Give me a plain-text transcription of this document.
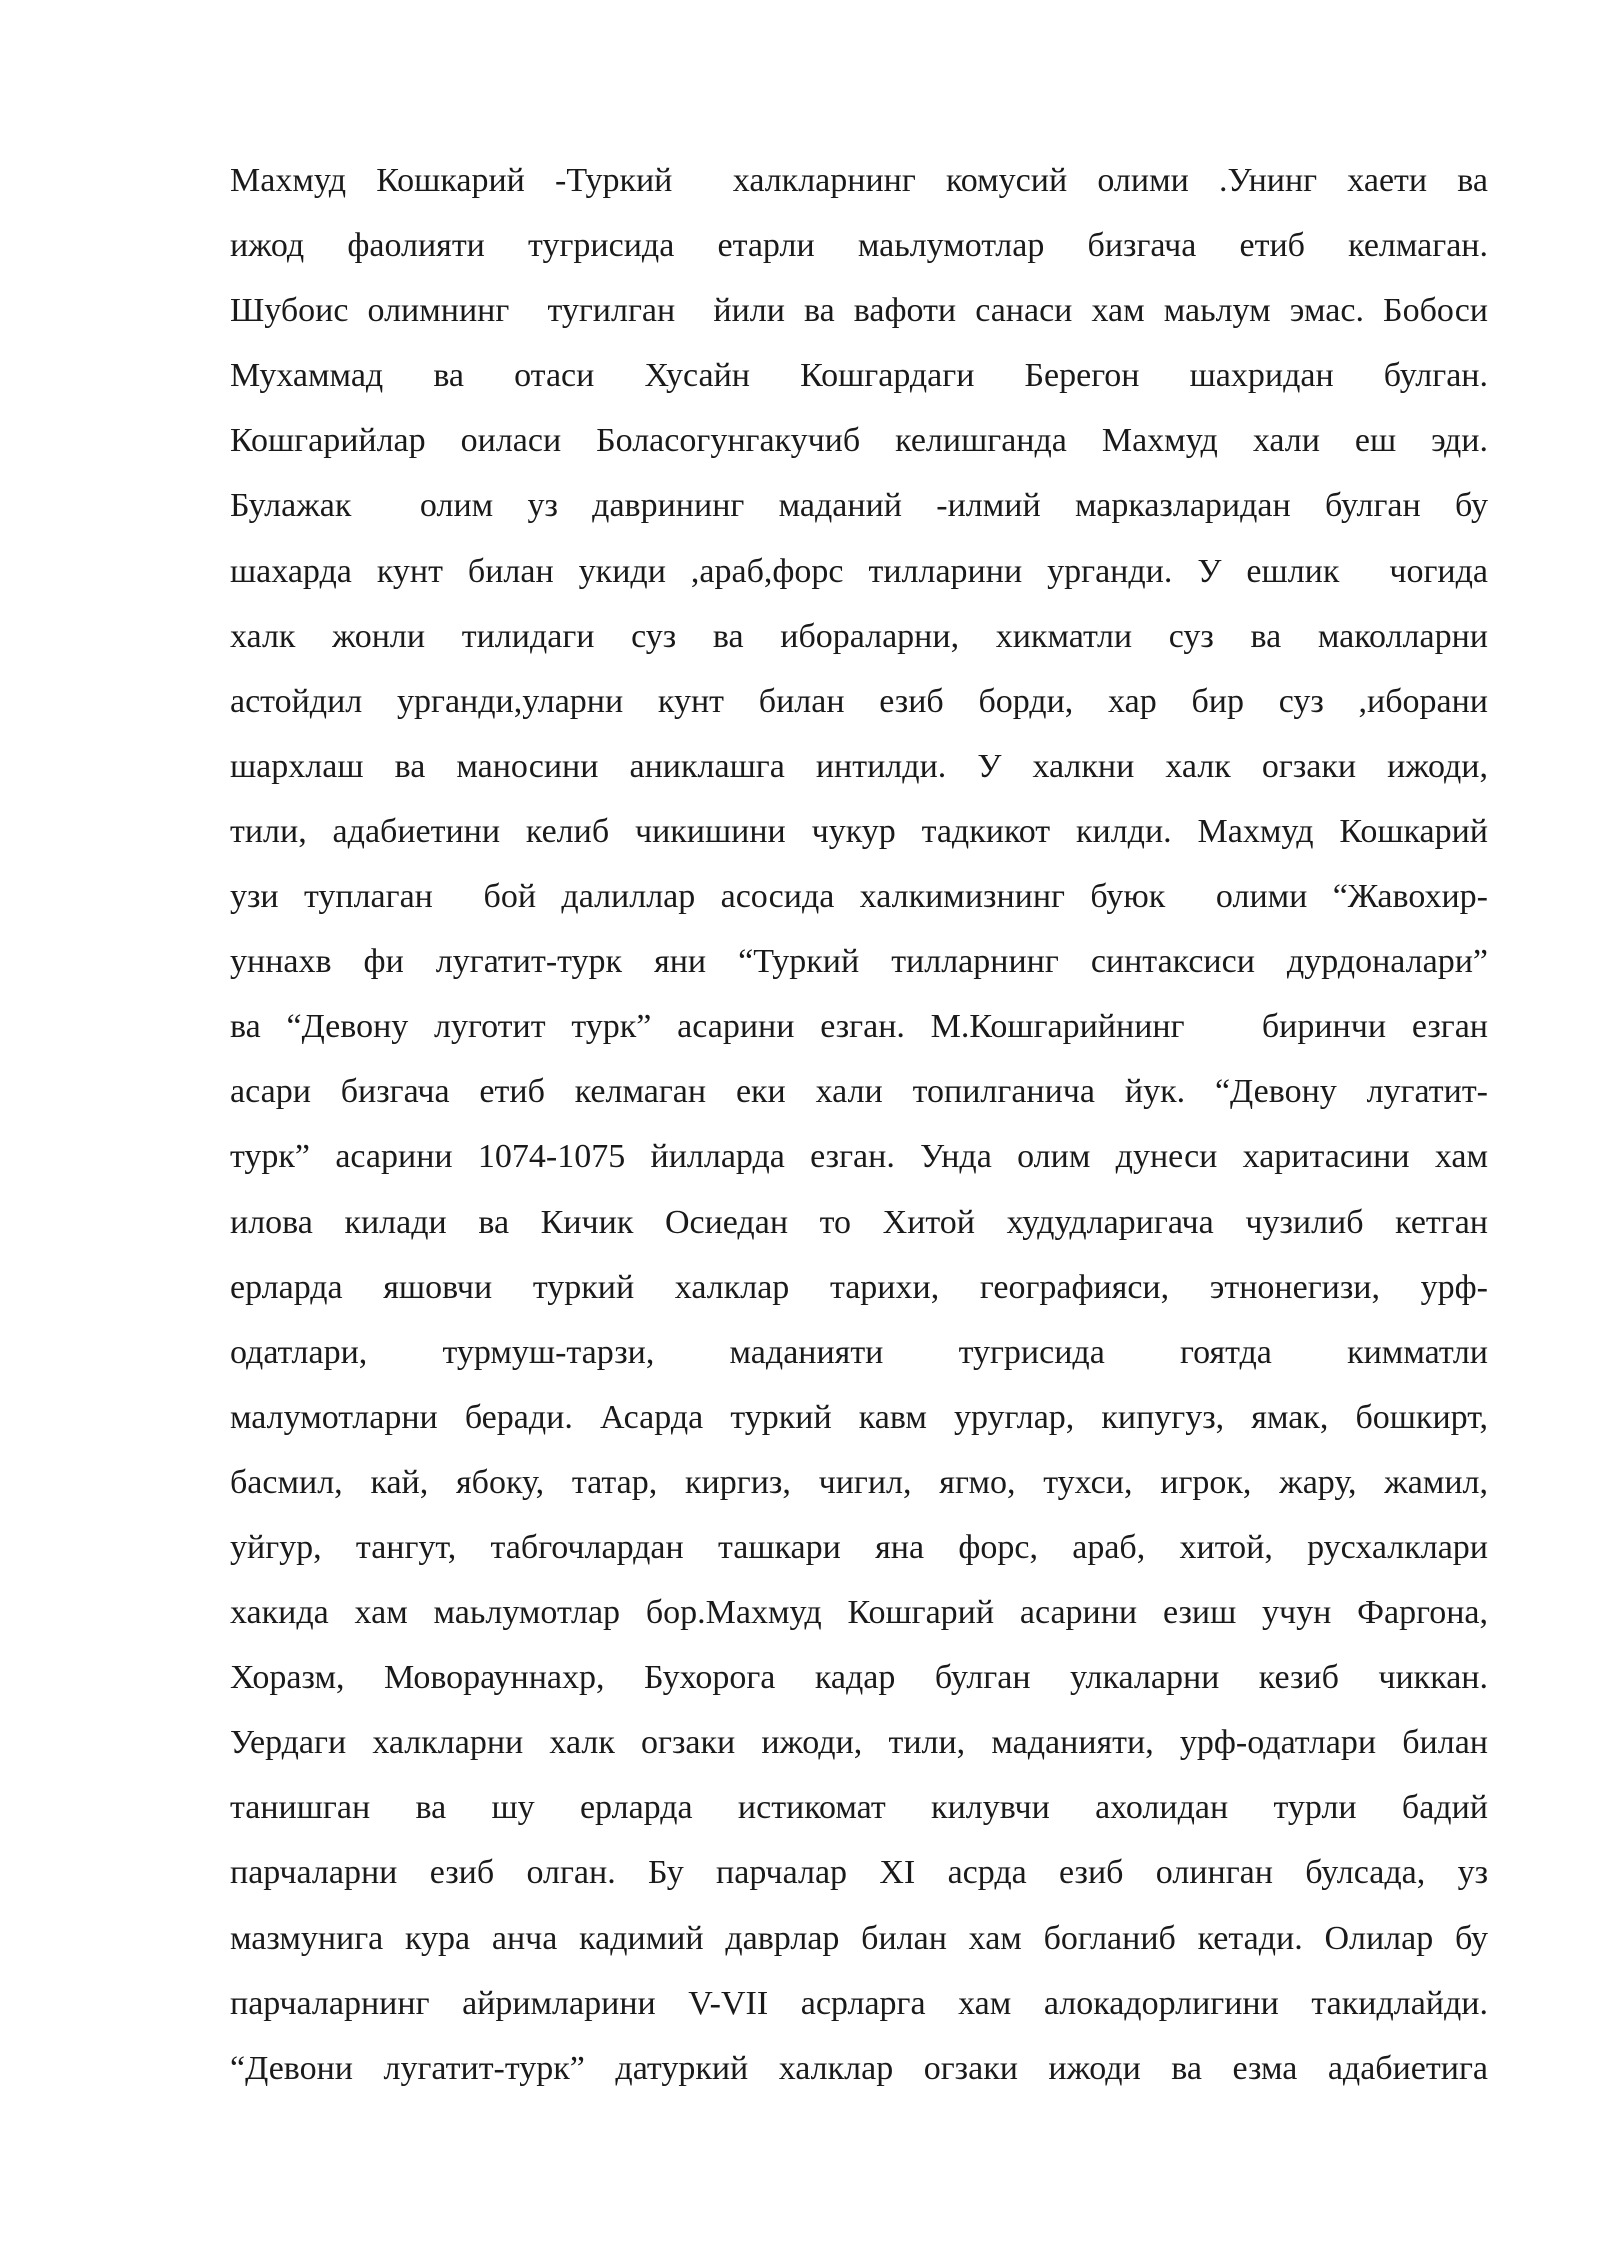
Махмуд Кошкарий -Туркий  халкларнинг комусий олими .Унинг хаети ва
ижод фаолияти тугрисида етарли маьлумотлар бизгача етиб келмаган.
Шубоис олимнинг  тугилган  йили ва вафоти санаси хам маьлум эмас. Бобоси
Мухаммад ва отаси Хусайн Кошгардаги Берегон шахридан булган.
Кошгарийлар оиласи Боласогунгакучиб келишганда Махмуд хали еш эди.
Булажак  олим уз даврининг маданий -илмий марказларидан булган бу
шахарда кунт билан укиди ,араб,форс тилларини урганди. У ешлик  чогида
халк жонли тилидаги суз ва ибораларни, хикматли суз ва маколларни
астойдил урганди,уларни кунт билан езиб борди, хар бир суз ,иборани
шархлаш ва маносини аниклашга интилди. У халкни халк огзаки ижоди,
тили, адабиетини келиб чикишини чукур тадкикот килди. Махмуд Кошкарий
узи туплаган  бой далиллар асосида халкимизнинг буюк  олими “Жавохир-
уннахв фи лугатит-турк яни “Туркий тилларнинг синтаксиси дурдоналари”
ва “Девону луготит турк” асарини езган. М.Кошгарийнинг   биринчи езган
асари бизгача етиб келмаган еки хали топилганича йук. “Девону лугатит-
турк” асарини 1074-1075 йилларда езган. Унда олим дунеси харитасини хам
илова килади ва Кичик Осиедан то Хитой худудларигача чузилиб кетган
ерларда яшовчи туркий халклар тарихи, географияси, этнонегизи, урф-
одатлари, турмуш-тарзи, маданияти тугрисида гоятда кимматли
малумотларни беради. Асарда туркий кавм уруглар, кипугуз, ямак, бошкирт,
басмил, кай, ябоку, татар, киргиз, чигил, ягмо, тухси, игрок, жару, жамил,
уйгур, тангут, табгочлардан ташкари яна форс, араб, хитой, русхалклари
хакида хам маьлумотлар бор.Махмуд Кошгарий асарини езиш учун Фаргона,
Хоразм, Моворауннахр, Бухорога кадар булган улкаларни кезиб чиккан.
Уердаги халкларни халк огзаки ижоди, тили, маданияти, урф-одатлари билан
танишган ва шу ерларда истикомат килувчи ахолидан турли бадий
парчаларни езиб олган. Бу парчалар XI асрда езиб олинган булсада, уз
мазмунига кура анча кадимий даврлар билан хам богланиб кетади. Олилар бу
парчаларнинг айримларини V-VII асрларга хам алокадорлигини такидлайди.
“Девони лугатит-турк” датуркий халклар огзаки ижоди ва езма адабиетига
